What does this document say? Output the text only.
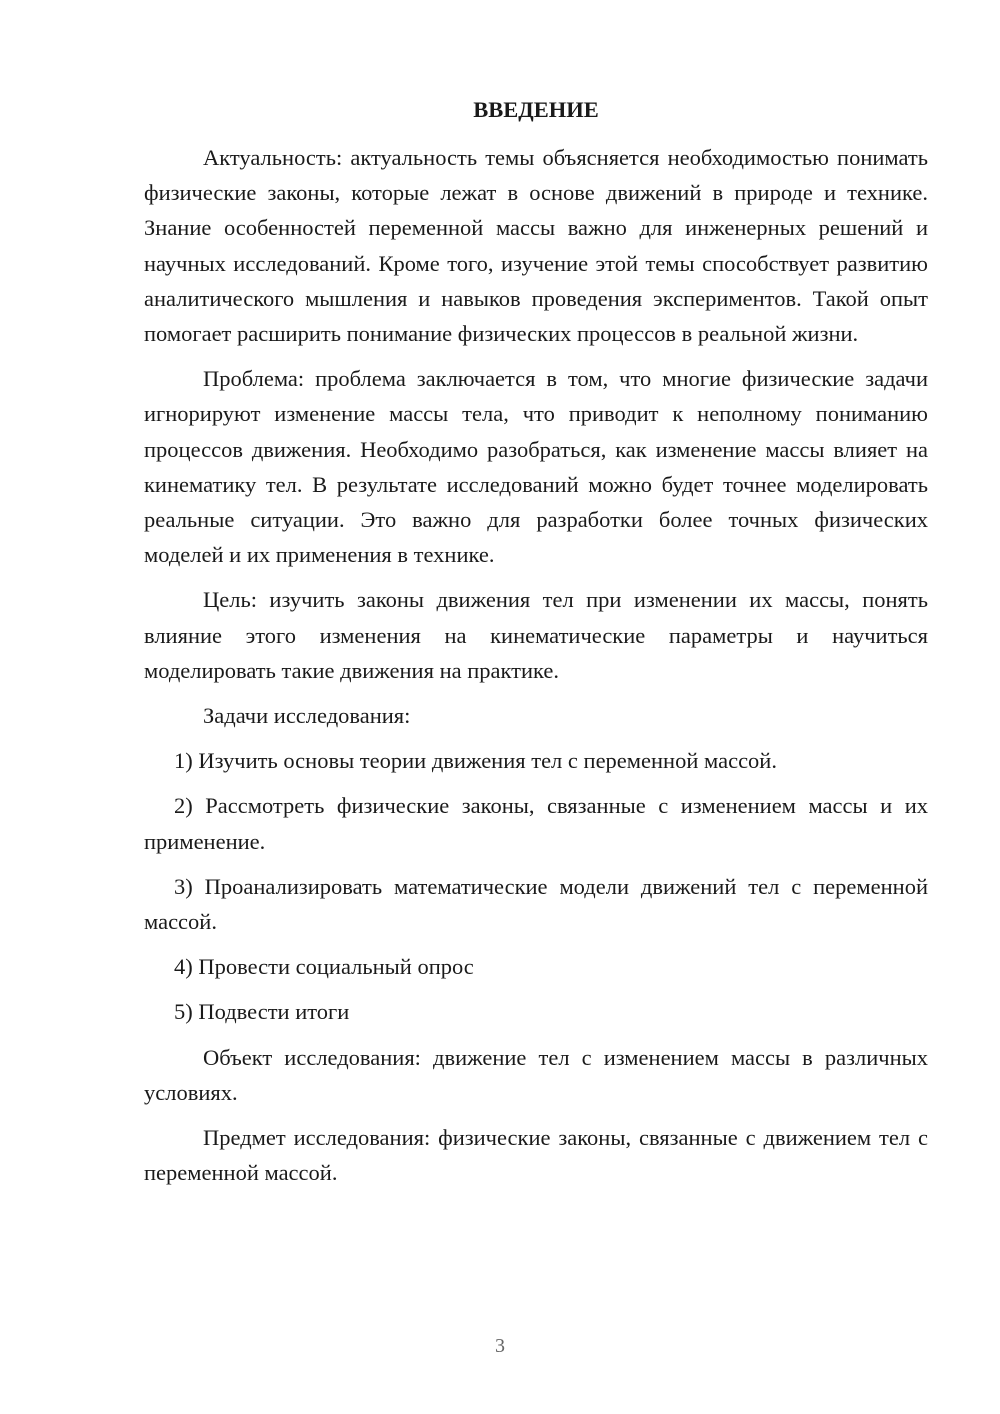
ВВЕДЕНИЕ

Актуальность: актуальность темы объясняется необходимостью понимать физические законы, которые лежат в основе движений в природе и технике. Знание особенностей переменной массы важно для инженерных решений и научных исследований. Кроме того, изучение этой темы способствует развитию аналитического мышления и навыков проведения экспериментов. Такой опыт помогает расширить понимание физических процессов в реальной жизни.

Проблема: проблема заключается в том, что многие физические задачи игнорируют изменение массы тела, что приводит к неполному пониманию процессов движения. Необходимо разобраться, как изменение массы влияет на кинематику тел. В результате исследований можно будет точнее моделировать реальные ситуации. Это важно для разработки более точных физических моделей и их применения в технике.

Цель: изучить законы движения тел при изменении их массы, понять влияние этого изменения на кинематические параметры и научиться моделировать такие движения на практике.

Задачи исследования:

1) Изучить основы теории движения тел с переменной массой.

2) Рассмотреть физические законы, связанные с изменением массы и их применение.

3) Проанализировать математические модели движений тел с переменной массой.

4) Провести социальный опрос

5) Подвести итоги

Объект исследования: движение тел с изменением массы в различных условиях.

Предмет исследования: физические законы, связанные с движением тел с переменной массой.

3
